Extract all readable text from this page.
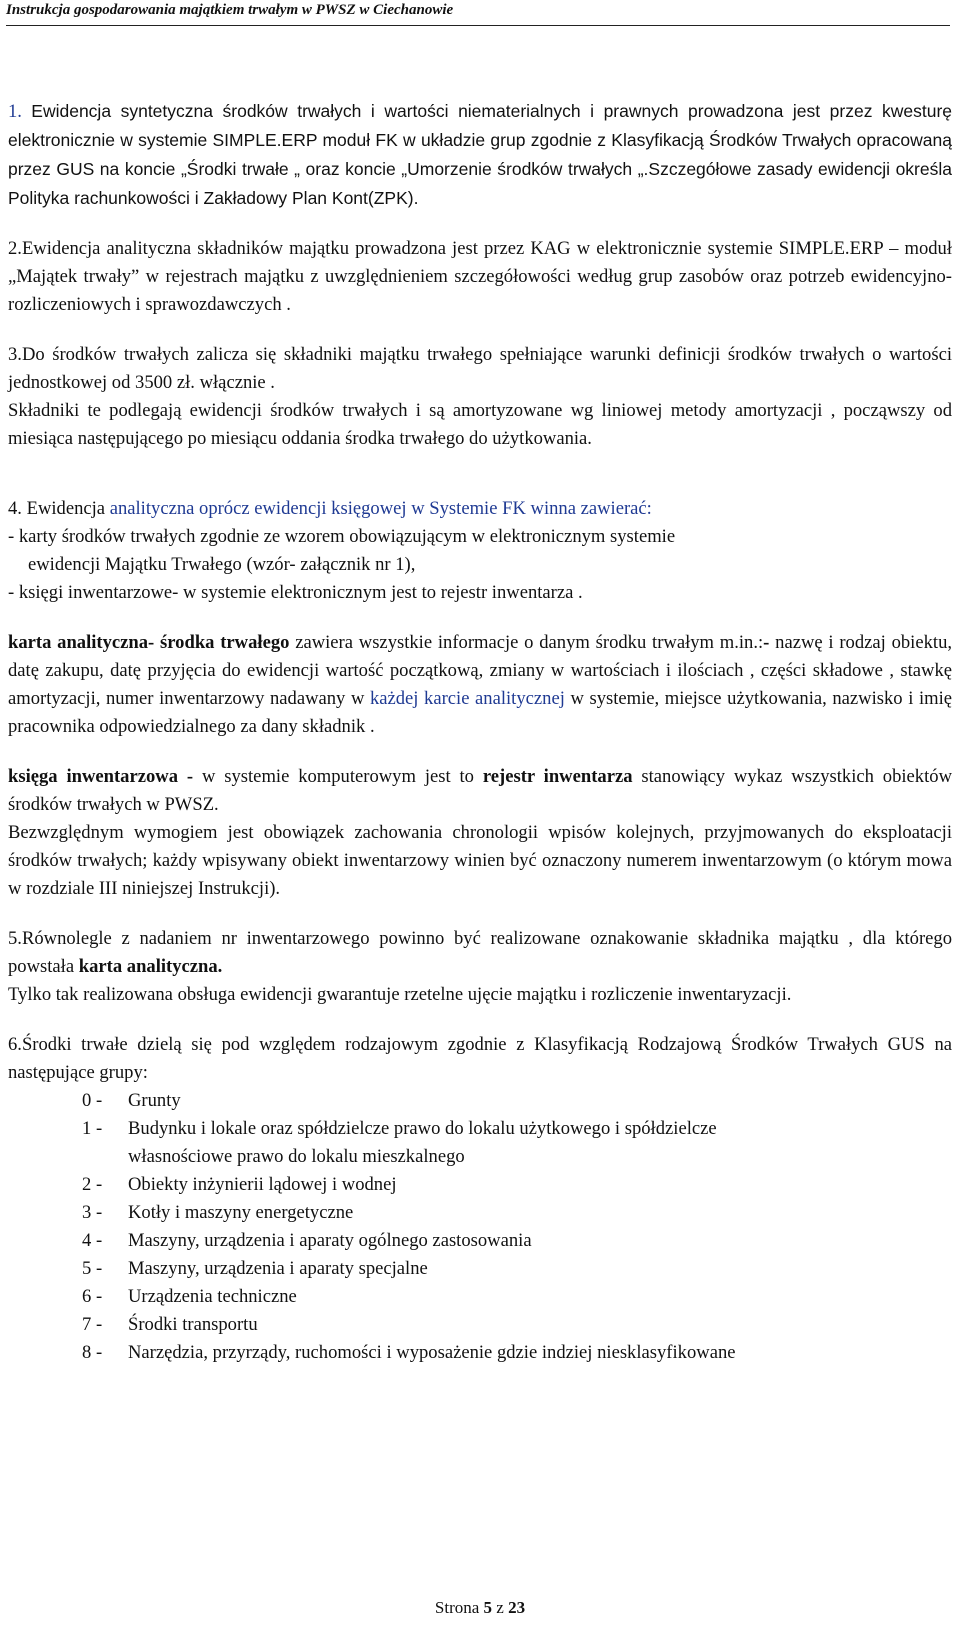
Instrukcja gospodarowania majątkiem trwałym w PWSZ w Ciechanowie

1. Ewidencja syntetyczna środków trwałych i wartości niematerialnych i prawnych prowadzona jest przez kwesturę elektronicznie w systemie SIMPLE.ERP moduł FK w układzie grup zgodnie z Klasyfikacją Środków Trwałych opracowaną przez GUS na koncie „Środki trwałe „ oraz koncie „Umorzenie środków trwałych „.Szczegółowe zasady ewidencji określa Polityka rachunkowości i Zakładowy Plan Kont(ZPK).

2.Ewidencja analityczna składników majątku prowadzona jest przez KAG w elektronicznie systemie SIMPLE.ERP – moduł „Majątek trwały” w rejestrach majątku z uwzględnieniem szczegółowości według grup zasobów oraz potrzeb ewidencyjno-rozliczeniowych i sprawozdawczych .

3.Do środków trwałych zalicza się składniki majątku trwałego spełniające warunki definicji środków trwałych o wartości jednostkowej od 3500 zł. włącznie .

Składniki te podlegają ewidencji środków trwałych i są amortyzowane wg liniowej metody amortyzacji , począwszy od miesiąca następującego po miesiącu oddania środka trwałego do użytkowania.

4. Ewidencja analityczna oprócz ewidencji księgowej w Systemie FK winna zawierać:

- karty środków trwałych zgodnie ze wzorem obowiązującym w elektronicznym systemie

ewidencji Majątku Trwałego (wzór- załącznik nr 1),

- księgi inwentarzowe- w systemie elektronicznym jest to rejestr inwentarza .

karta analityczna- środka trwałego zawiera wszystkie informacje o danym środku trwałym m.in.:- nazwę i rodzaj obiektu, datę zakupu, datę przyjęcia do ewidencji wartość początkową, zmiany w wartościach i ilościach , części składowe , stawkę amortyzacji, numer inwentarzowy nadawany w każdej karcie analitycznej w systemie, miejsce użytkowania, nazwisko i imię pracownika odpowiedzialnego za dany składnik .

księga inwentarzowa - w systemie komputerowym jest to rejestr inwentarza stanowiący wykaz wszystkich obiektów środków trwałych w PWSZ.

Bezwzględnym wymogiem jest obowiązek zachowania chronologii wpisów kolejnych, przyjmowanych do eksploatacji środków trwałych; każdy wpisywany obiekt inwentarzowy winien być oznaczony numerem inwentarzowym (o którym mowa w rozdziale III niniejszej Instrukcji).

5.Równolegle z nadaniem nr inwentarzowego powinno być realizowane oznakowanie składnika majątku , dla którego powstała karta analityczna.

Tylko tak realizowana obsługa ewidencji gwarantuje rzetelne ujęcie majątku i rozliczenie inwentaryzacji.

6.Środki trwałe dzielą się pod względem rodzajowym zgodnie z Klasyfikacją Rodzajową Środków Trwałych GUS na następujące grupy:

0 -	Grunty
1 -	Budynku i lokale oraz spółdzielcze prawo do lokalu użytkowego i spółdzielcze
własnościowe prawo do lokalu mieszkalnego
2 -	Obiekty inżynierii lądowej i wodnej
3 -	Kotły i maszyny energetyczne
4 -	Maszyny, urządzenia i aparaty ogólnego zastosowania
5 -	Maszyny, urządzenia i aparaty specjalne
6 -	Urządzenia techniczne
7 -	Środki transportu
8 -	Narzędzia, przyrządy, ruchomości i wyposażenie gdzie indziej niesklasyfikowane
Strona 5 z 23
